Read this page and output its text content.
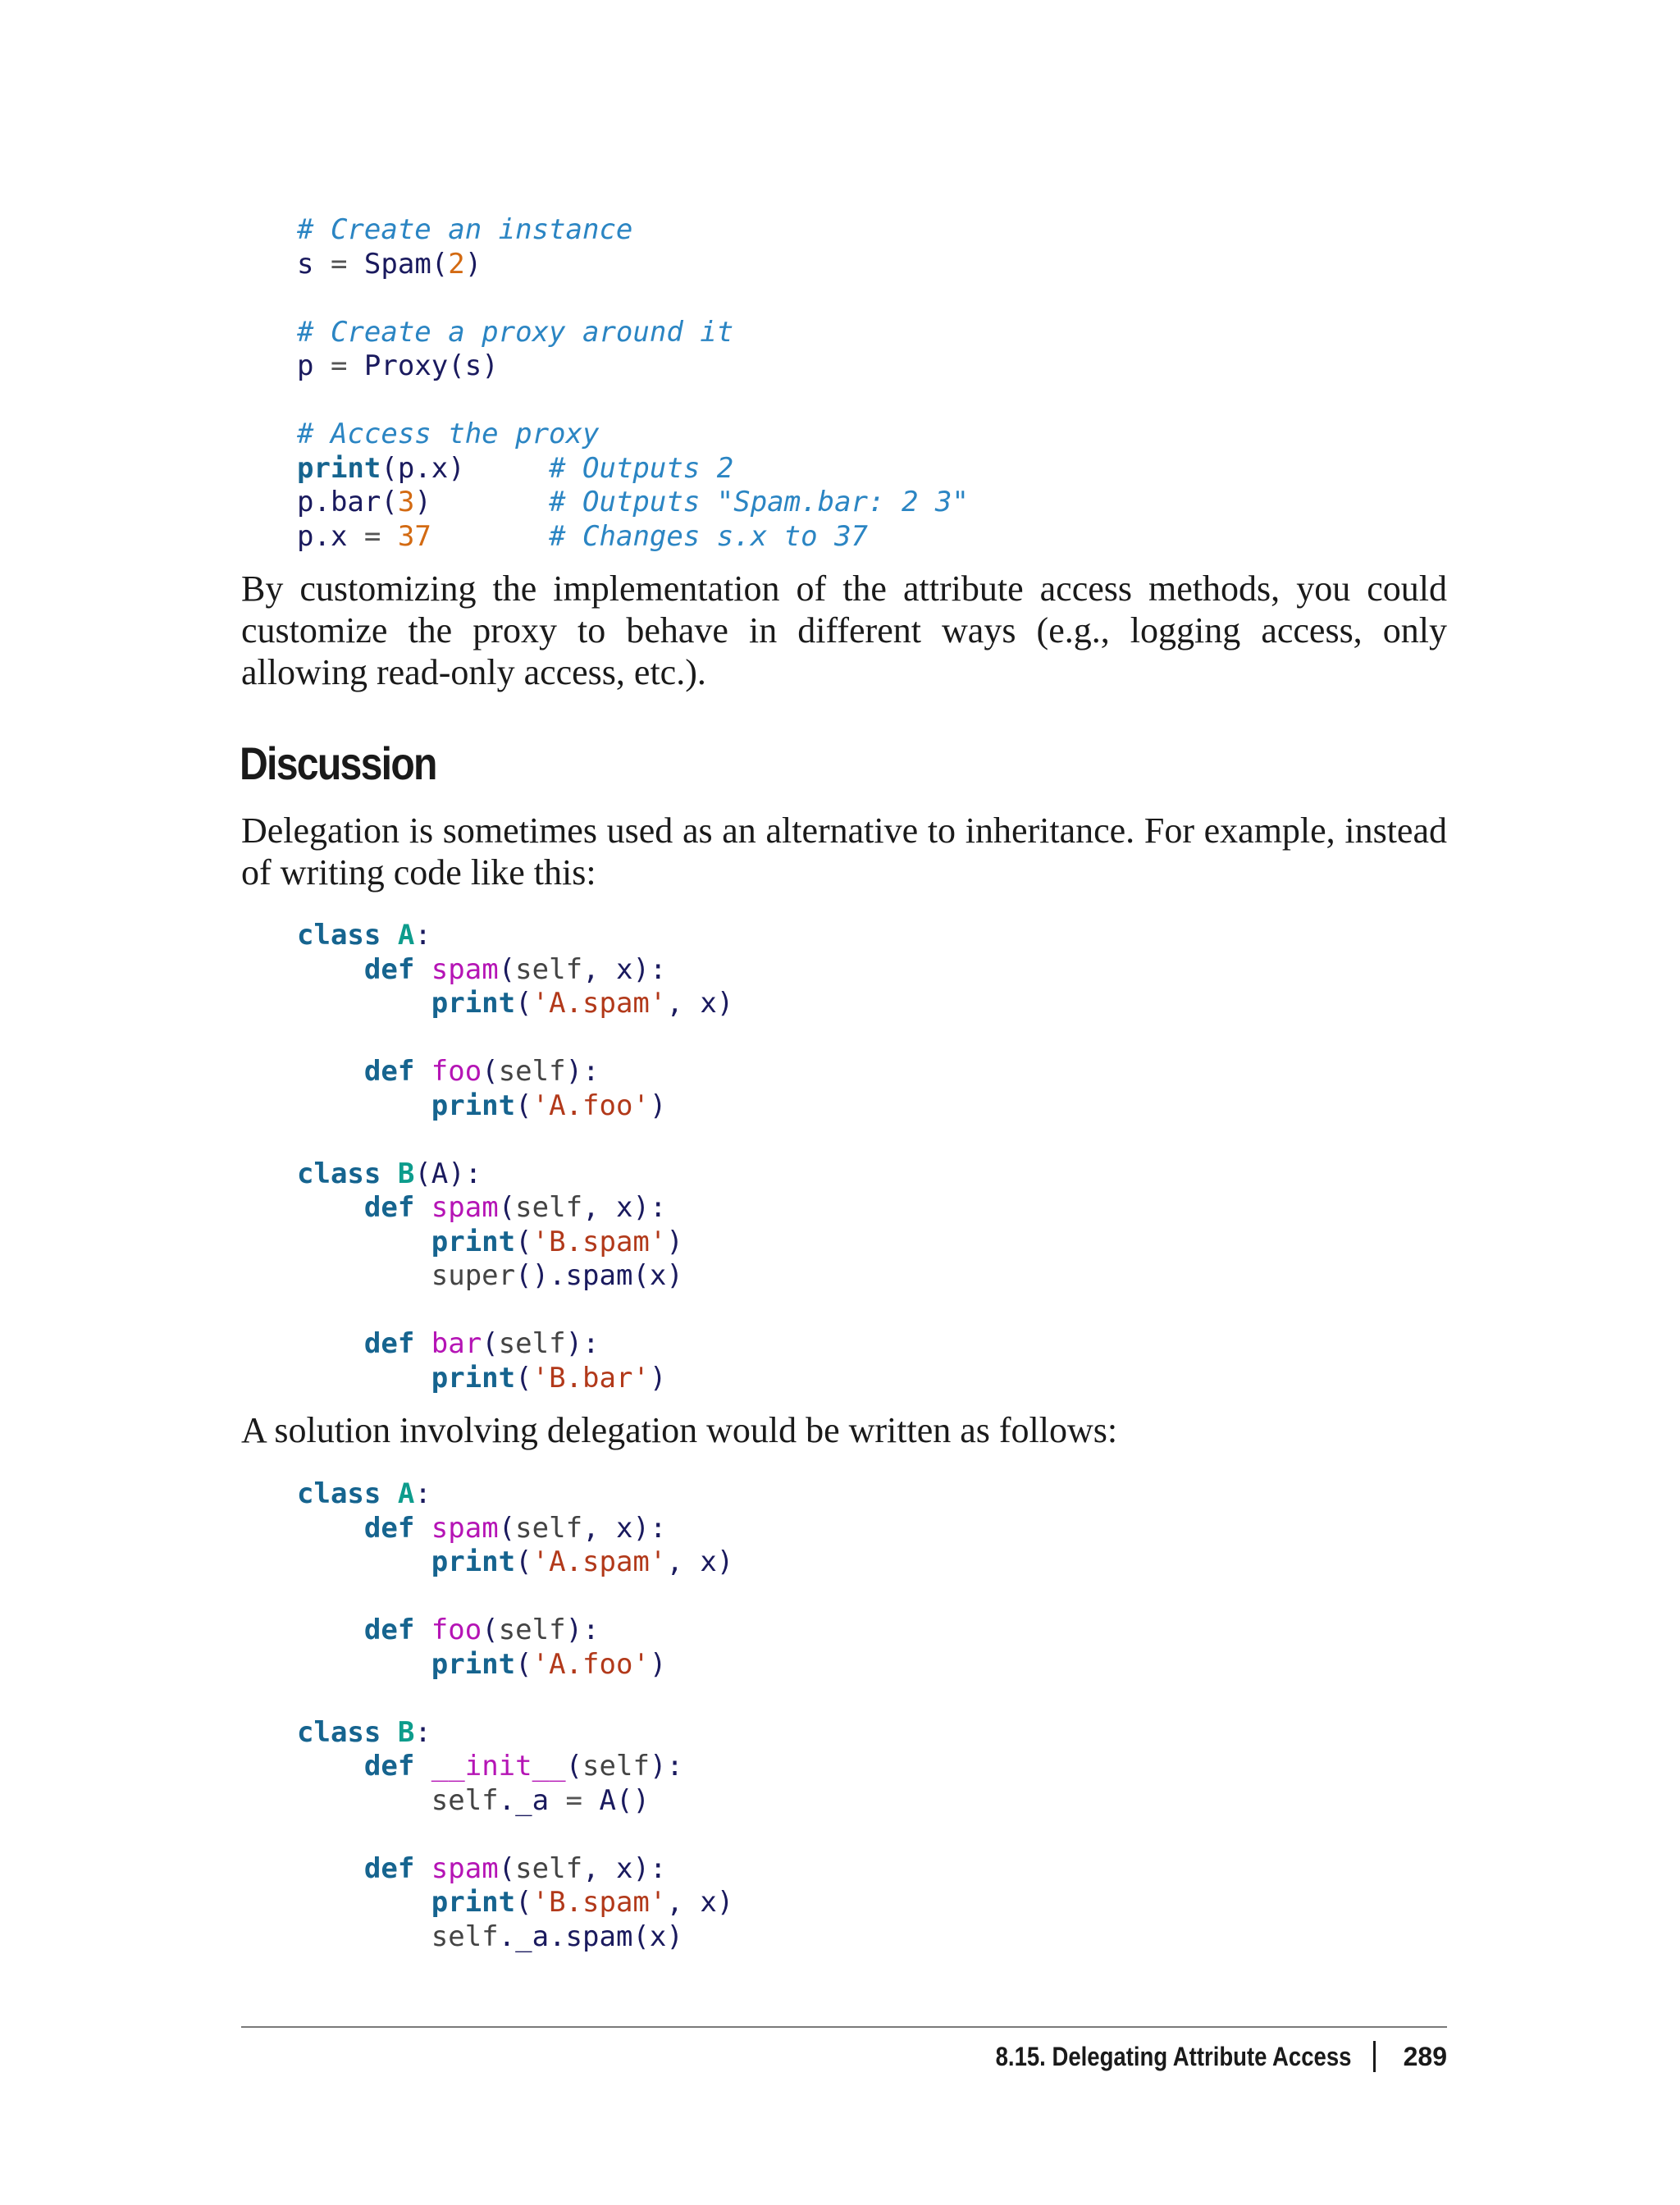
# Create an instance
s = Spam(2)
# Create a proxy around it
p = Proxy(s)
# Access the proxy
print(p.x)     # Outputs 2
p.bar(3)       # Outputs "Spam.bar: 2 3"
p.x = 37	# Changes s.x to 37

By customizing the implementation of the attribute access methods, you could customize the proxy to behave in different ways (e.g., logging access, only allowing read-only access, etc.).

Discussion

Delegation is sometimes used as an alternative to inheritance. For example, instead of writing code like this:

class A:
def spam(self, x):
print('A.spam', x)
def foo(self):
print('A.foo')
class B(A):
def spam(self, x):
print('B.spam')
super().spam(x)
def bar(self):
print('B.bar')

A solution involving delegation would be written as follows:

class A:
def spam(self, x):
print('A.spam', x)
def foo(self):
print('A.foo')
class B:
def __init__(self):
self._a = A()
def spam(self, x):
print('B.spam', x)
self._a.spam(x)
8.15. Delegating Attribute Access 289
